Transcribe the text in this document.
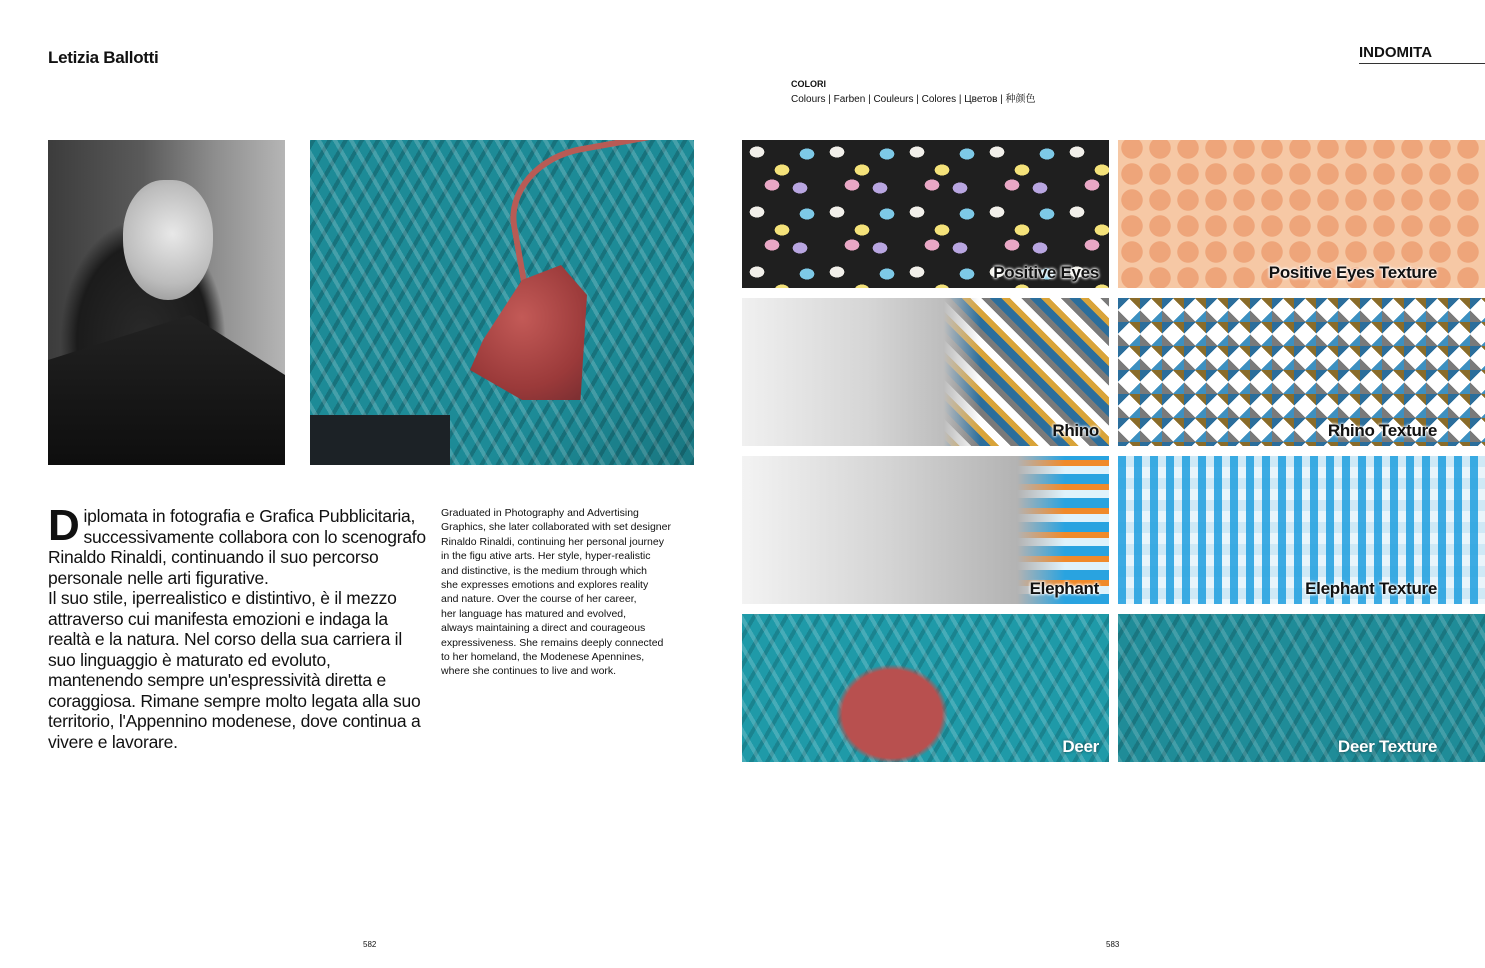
Letizia Ballotti
D iplomata in fotografia e Grafica Pubblicitaria, successivamente collabora con lo scenografo Rinaldo Rinaldi, continuando il suo percorso personale nelle arti figurative.

Il suo stile, iperrealistico e distintivo, è il mezzo attraverso cui manifesta emozioni e indaga la realtà e la natura. Nel corso della sua carriera il suo linguaggio è maturato ed evoluto, mantenendo sempre un'espressività diretta e coraggiosa. Rimane sempre molto legata alla suo territorio, l'Appennino modenese, dove continua a vivere e lavorare.

Graduated in Photography and Advertising
Graphics, she later collaborated with set designer
Rinaldo Rinaldi, continuing her personal journey
in the figu ative arts. Her style, hyper-realistic
and distinctive, is the medium through which
she expresses emotions and explores reality
and nature. Over the course of her career,
her language has matured and evolved,
always maintaining a direct and courageous
expressiveness. She remains deeply connected
to her homeland, the Modenese Apennines,
where she continues to live and work.
582
INDOMITA
COLORI
Colours | Farben | Couleurs | Colores | Цветов | 种颜色
Positive Eyes	Positive Eyes Texture
Rhino	Rhino Texture
Elephant	Elephant Texture
Deer	Deer Texture
583
